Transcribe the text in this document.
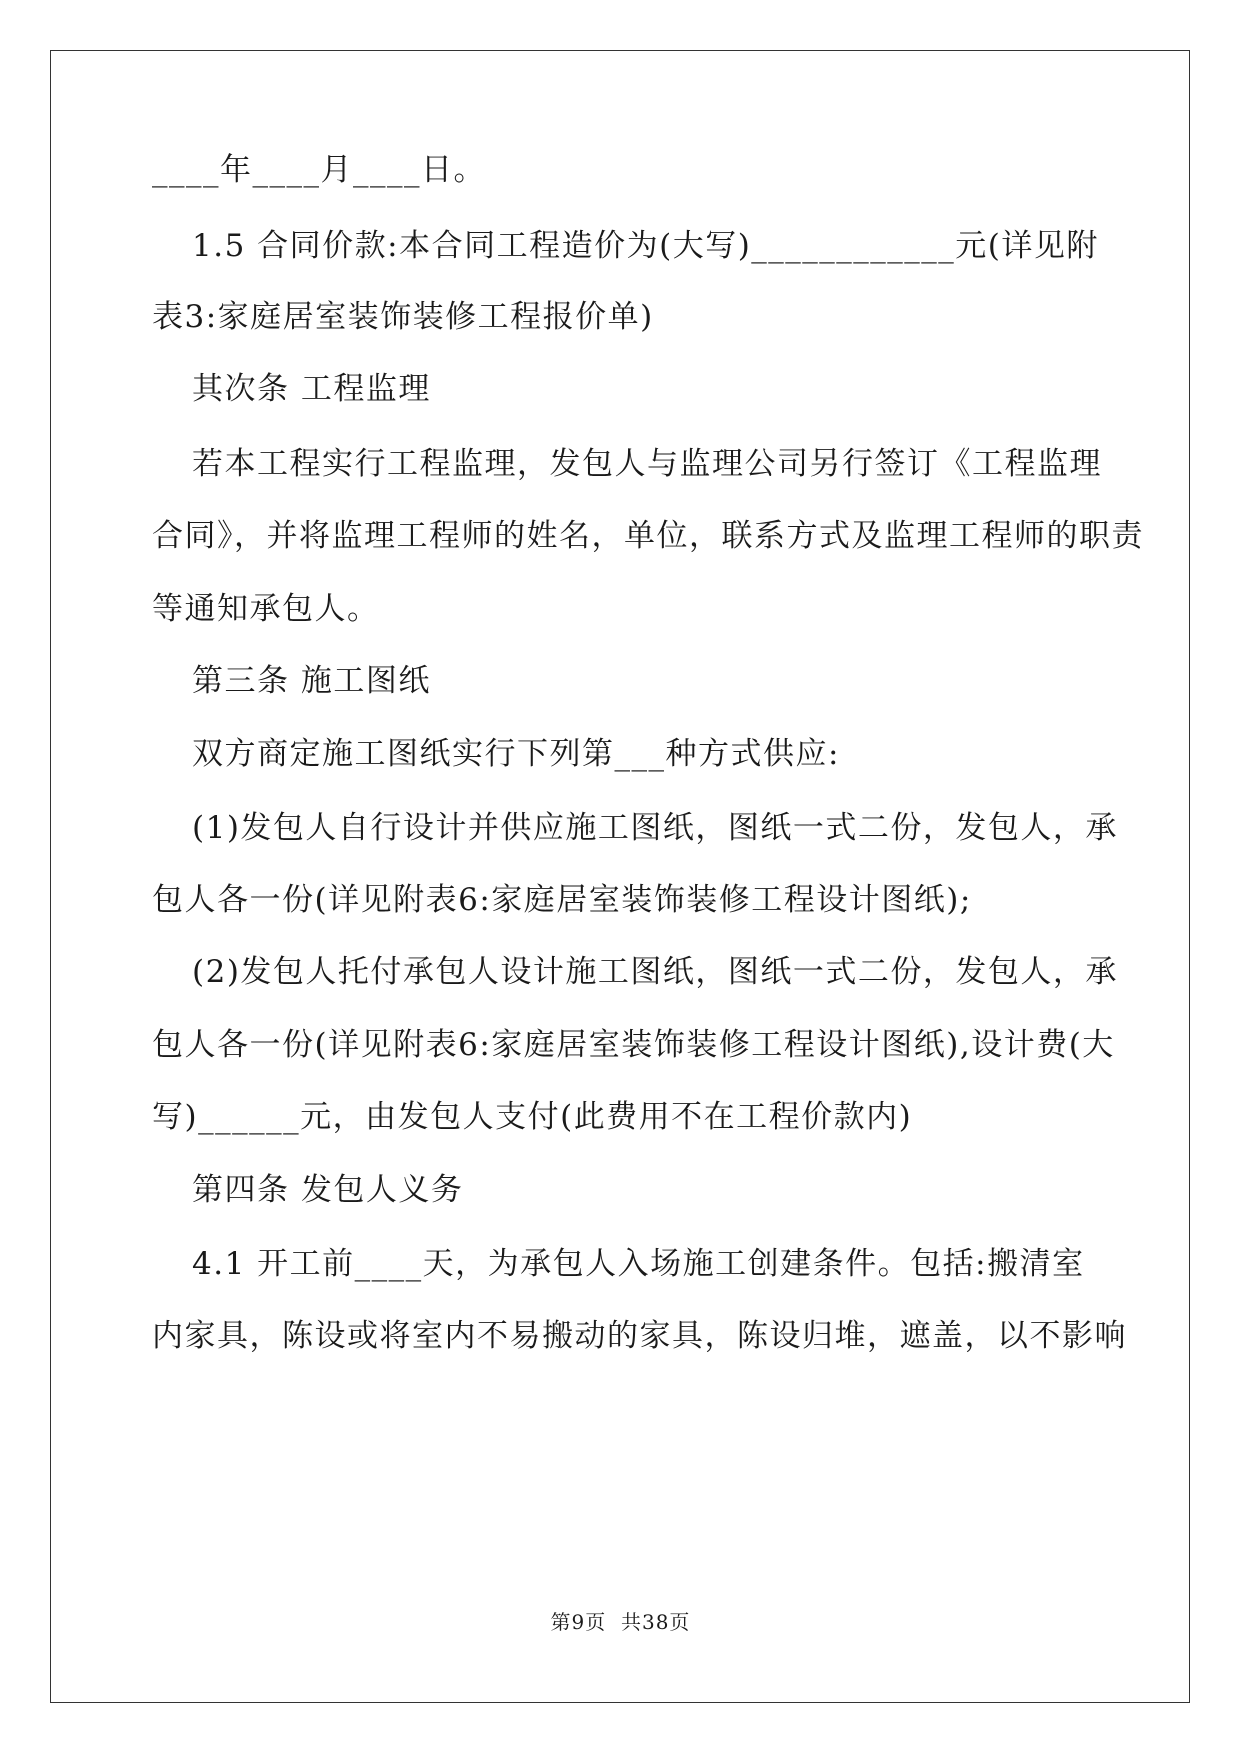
____年____月____日。
1.5 合同价款:本合同工程造价为(大写)____________元(详见附
表3:家庭居室装饰装修工程报价单)
其次条 工程监理
若本工程实行工程监理，发包人与监理公司另行签订《工程监理
合同》，并将监理工程师的姓名，单位，联系方式及监理工程师的职责
等通知承包人。
第三条 施工图纸
双方商定施工图纸实行下列第___种方式供应:
(1)发包人自行设计并供应施工图纸，图纸一式二份，发包人，承
包人各一份(详见附表6:家庭居室装饰装修工程设计图纸);
(2)发包人托付承包人设计施工图纸，图纸一式二份，发包人，承
包人各一份(详见附表6:家庭居室装饰装修工程设计图纸),设计费(大
写)______元，由发包人支付(此费用不在工程价款内)
第四条 发包人义务
4.1 开工前____天，为承包人入场施工创建条件。包括:搬清室
内家具，陈设或将室内不易搬动的家具，陈设归堆，遮盖，以不影响
第9页  共38页
